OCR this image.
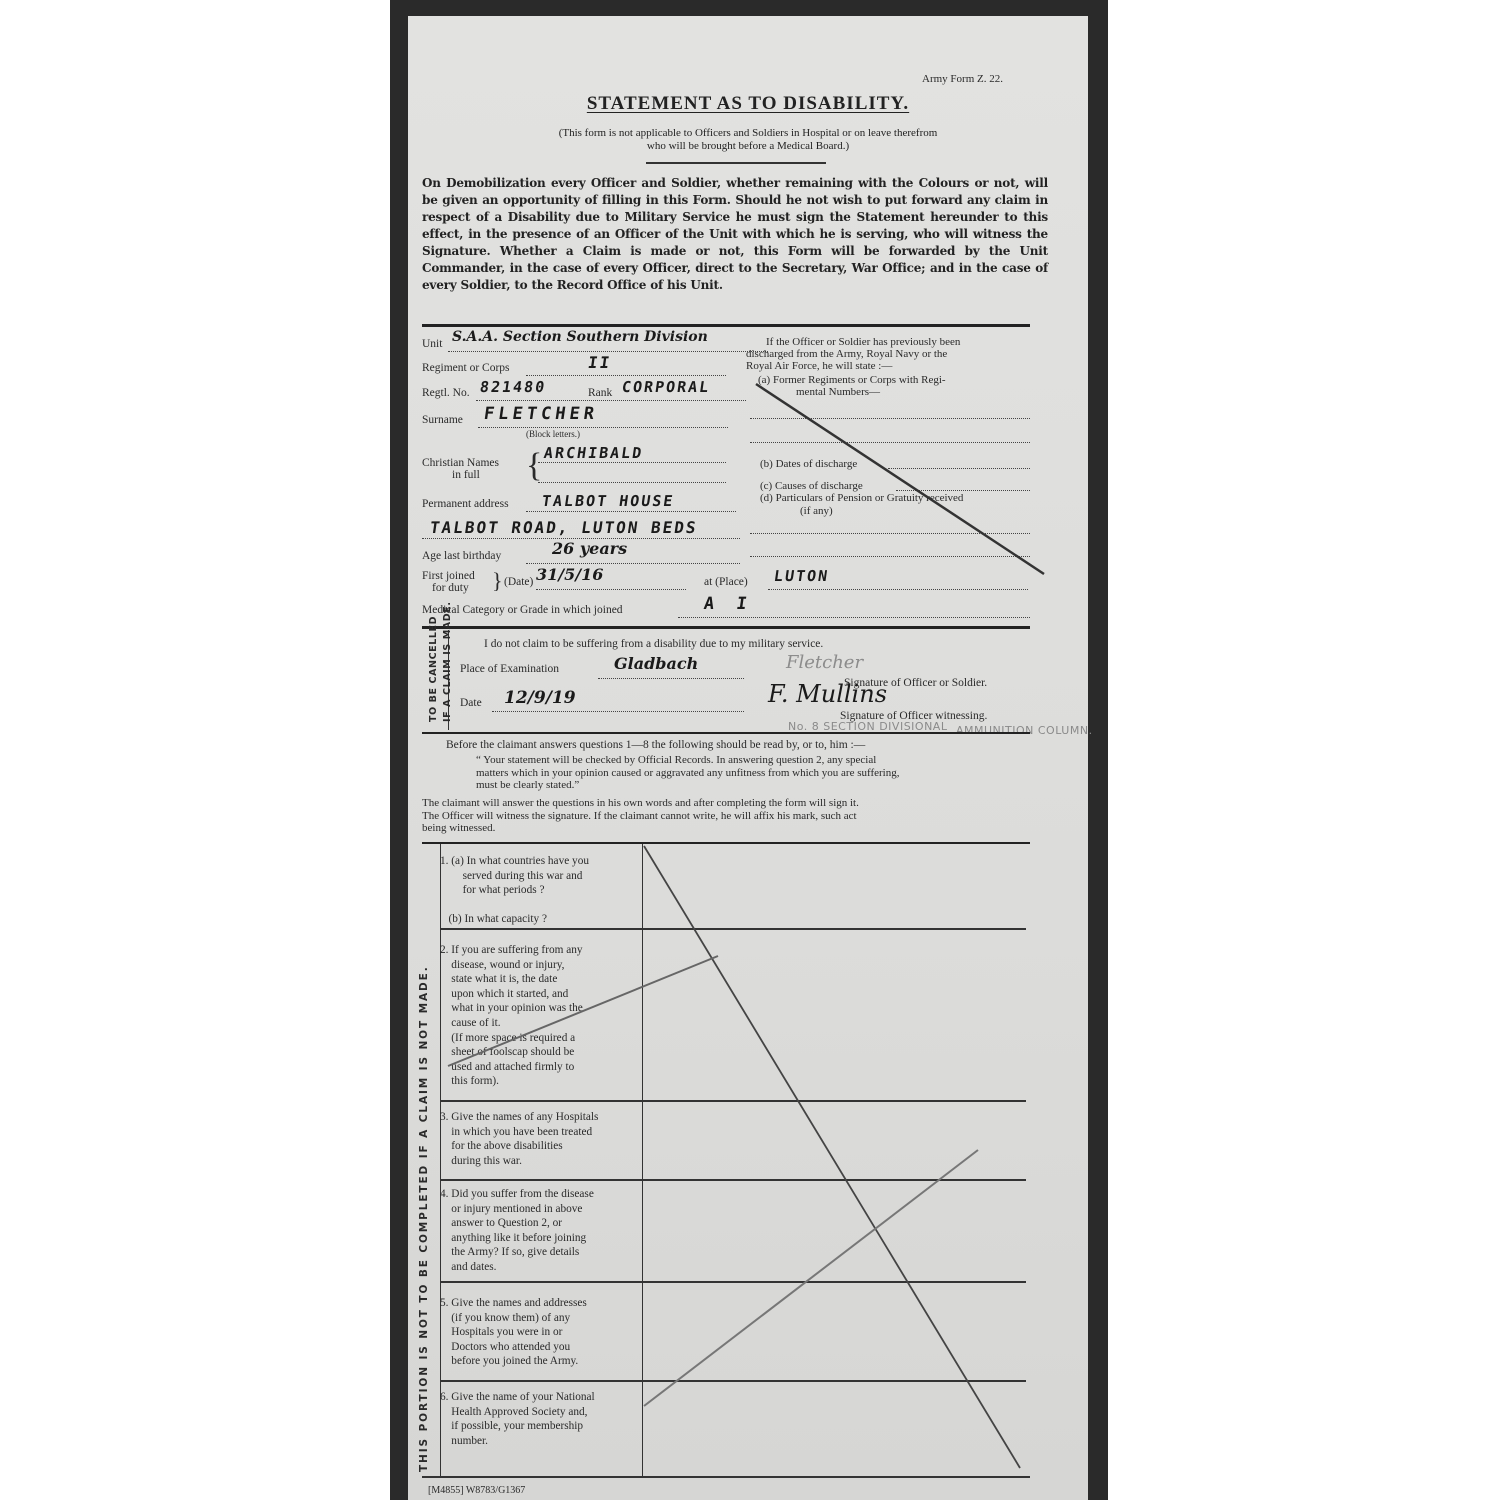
Army Form Z. 22.
STATEMENT AS TO DISABILITY.
(This form is not applicable to Officers and Soldiers in Hospital or on leave therefrom
who will be brought before a Medical Board.)
On Demobilization every Officer and Soldier, whether remaining with the Colours or not, will be given an opportunity of filling in this Form. Should he not wish to put forward any claim in respect of a Disability due to Military Service he must sign the Statement hereunder to this effect, in the presence of an Officer of the Unit with which he is serving, who will witness the Signature. Whether a Claim is made or not, this Form will be forwarded by the Unit Commander, in the case of every Officer, direct to the Secretary, War Office; and in the case of every Soldier, to the Record Office of his Unit.
Unit S.A.A. Section Southern Division
Regiment or Corps	II
Regtl. No. 821480	Rank CORPORAL
Surname FLETCHER
(Block letters.)
Christian Names
in full { ARCHIBALD
Permanent address TALBOT HOUSE
TALBOT ROAD, LUTON BEDS
Age last birthday	26 years
First joined
for duty } (Date) 31/5/16	at (Place) LUTON
Medical Category or Grade in which joined	A I
If the Officer or Soldier has previously been
discharged from the Army, Royal Navy or the
Royal Air Force, he will state :—
(a) Former Regiments or Corps with Regi-
mental Numbers—
(b) Dates of discharge
(c) Causes of discharge
(d) Particulars of Pension or Gratuity received
(if any)
TO BE CANCELLED IF A CLAIM IS MADE.	I do not claim to be suffering from a disability due to my military service.
Place of Examination	Gladbach
Date 12/9/19
Fletcher
Signature of Officer or Soldier.
F. Mullins
Signature of Officer witnessing.
No. 8 SECTION DIVISIONAL AMMUNITION COLUMN.
Before the claimant answers questions 1—8 the following should be read by, or to, him :—
“ Your statement will be checked by Official Records. In answering question 2, any special
matters which in your opinion caused or aggravated any unfitness from which you are suffering,
must be clearly stated.”
The claimant will answer the questions in his own words and after completing the form will sign it.
The Officer will witness the signature. If the claimant cannot write, he will affix his mark, such act
being witnessed.
THIS PORTION IS NOT TO BE COMPLETED IF A CLAIM IS NOT MADE.
1. (a) In what countries have you
served during this war and
for what periods ?

(b) In what capacity ?
2. If you are suffering from any
disease, wound or injury,
state what it is, the date
upon which it started, and
what in your opinion was the
cause of it.
(If more space is required a
sheet  foolscap should be
used and attached firmly to
this form).
3. Give the names of any Hospitals
in which you have been treated
for the above disabilities
during this war.
4. Did you suffer from the disease
or injury mentioned in above
answer to Question 2, or
anything like it before joining
the Army? If so, give details
and dates.
5. Give the names and addresses
(if you know them) of any
Hospitals you were in or
Doctors who attended you
before you joined the Army.
6. Give the name of your National
Health Approved Society and,
if possible, your membership
number.
[M4855] W8783/G1367
